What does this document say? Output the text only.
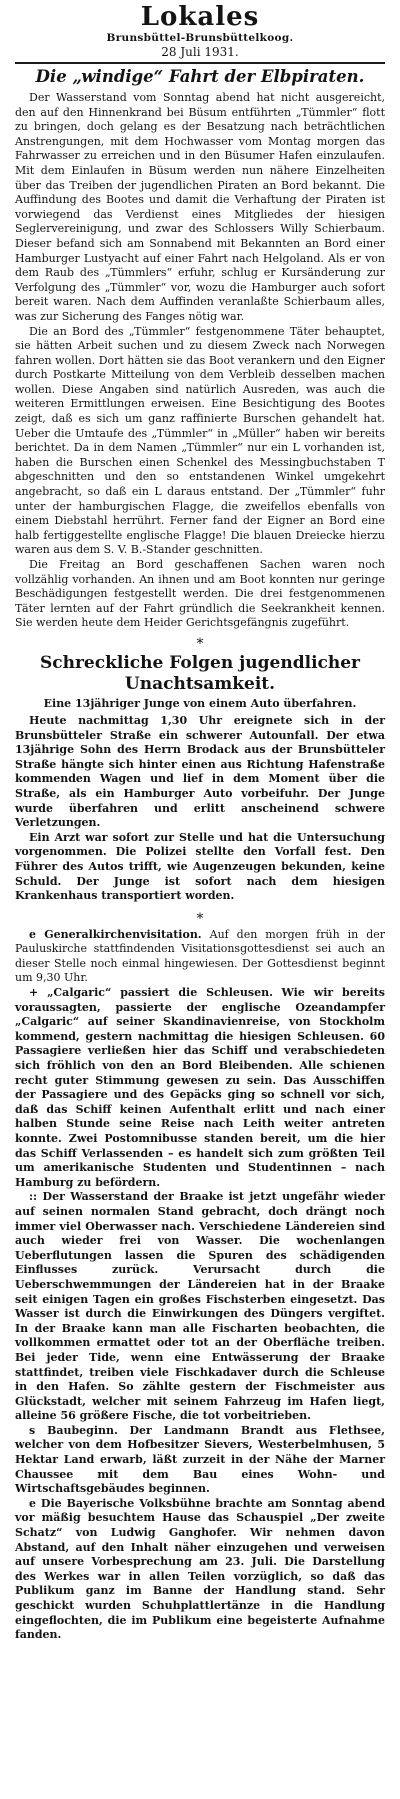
Lokales
Brunsbüttel-Brunsbüttelkoog.
28 Juli 1931.
Die „windige“ Fahrt der Elbpiraten.

Der Wasserstand vom Sonntag abend hat nicht ausgereicht, den auf den Hinnenkrand bei Büsum entführten „Tümmler“ flott zu bringen, doch gelang es der Besatzung nach beträchtlichen Anstrengungen, mit dem Hochwasser vom Montag morgen das Fahrwasser zu erreichen und in den Büsumer Hafen einzulaufen. Mit dem Einlaufen in Büsum werden nun nähere Einzelheiten über das Treiben der jugendlichen Piraten an Bord bekannt. Die Auffindung des Bootes und damit die Verhaftung der Piraten ist vorwiegend das Verdienst eines Mitgliedes der hiesigen Seglervereinigung, und zwar des Schlossers Willy Schierbaum. Dieser befand sich am Sonnabend mit Bekannten an Bord einer Hamburger Lustyacht auf einer Fahrt nach Helgoland. Als er von dem Raub des „Tümmlers“ erfuhr, schlug er Kursänderung zur Verfolgung des „Tümmler“ vor, wozu die Hamburger auch sofort bereit waren. Nach dem Auffinden veranlaßte Schierbaum alles, was zur Sicherung des Fanges nötig war.

Die an Bord des „Tümmler“ festgenommene Täter behauptet, sie hätten Arbeit suchen und zu diesem Zweck nach Norwegen fahren wollen. Dort hätten sie das Boot verankern und den Eigner durch Postkarte Mitteilung von dem Verbleib desselben machen wollen. Diese Angaben sind natürlich Ausreden, was auch die weiteren Ermittlungen erweisen. Eine Besichtigung des Bootes zeigt, daß es sich um ganz raffinierte Burschen gehandelt hat. Ueber die Umtaufe des „Tümmler“ in „Müller“ haben wir bereits berichtet. Da in dem Namen „Tümmler“ nur ein L vorhanden ist, haben die Burschen einen Schenkel des Messingbuchstaben T abgeschnitten und den so entstandenen Winkel umgekehrt angebracht, so daß ein L daraus entstand. Der „Tümmler“ fuhr unter der hamburgischen Flagge, die zweifellos ebenfalls von einem Diebstahl herrührt. Ferner fand der Eigner an Bord eine halb fertiggestellte englische Flagge! Die blauen Dreiecke hierzu waren aus dem S. V. B.-Stander geschnitten.

Die Freitag an Bord geschaffenen Sachen waren noch vollzählig vorhanden. An ihnen und am Boot konnten nur geringe Beschädigungen festgestellt werden. Die drei festgenommenen Täter lernten auf der Fahrt gründlich die Seekrankheit kennen. Sie werden heute dem Heider Gerichtsgefängnis zugeführt.

*
Schreckliche Folgen jugendlicher Unachtsamkeit.
Eine 13jähriger Junge von einem Auto überfahren.

Heute nachmittag 1,30 Uhr ereignete sich in der Brunsbütteler Straße ein schwerer Autounfall. Der etwa 13jährige Sohn des Herrn Brodack aus der Brunsbütteler Straße hängte sich hinter einen aus Richtung Hafenstraße kommenden Wagen und lief in dem Moment über die Straße, als ein Hamburger Auto vorbeifuhr. Der Junge wurde überfahren und erlitt anscheinend schwere Verletzungen.

Ein Arzt war sofort zur Stelle und hat die Untersuchung vorgenommen. Die Polizei stellte den Vorfall fest. Den Führer des Autos trifft, wie Augenzeugen bekunden, keine Schuld. Der Junge ist sofort nach dem hiesigen Krankenhaus transportiert worden.

*

e Generalkirchenvisitation. Auf den morgen früh in der Pauluskirche stattfindenden Visitationsgottesdienst sei auch an dieser Stelle noch einmal hingewiesen. Der Gottesdienst beginnt um 9,30 Uhr.

+ „Calgaric“ passiert die Schleusen. Wie wir bereits voraussagten, passierte der englische Ozeandampfer „Calgaric“ auf seiner Skandinavienreise, von Stockholm kommend, gestern nachmittag die hiesigen Schleusen. 60 Passagiere verließen hier das Schiff und verabschiedeten sich fröhlich von den an Bord Bleibenden. Alle schienen recht guter Stimmung gewesen zu sein. Das Ausschiffen der Passagiere und des Gepäcks ging so schnell vor sich, daß das Schiff keinen Aufenthalt erlitt und nach einer halben Stunde seine Reise nach Leith weiter antreten konnte. Zwei Postomnibusse standen bereit, um die hier das Schiff Verlassenden – es handelt sich zum größten Teil um amerikanische Studenten und Studentinnen – nach Hamburg zu befördern.

:: Der Wasserstand der Braake ist jetzt ungefähr wieder auf seinen normalen Stand gebracht, doch drängt noch immer viel Oberwasser nach. Verschiedene Ländereien sind auch wieder frei von Wasser. Die wochenlangen Ueberflutungen lassen die Spuren des schädigenden Einflusses zurück. Verursacht durch die Ueberschwemmungen der Ländereien hat in der Braake seit einigen Tagen ein großes Fischsterben eingesetzt. Das Wasser ist durch die Einwirkungen des Düngers vergiftet. In der Braake kann man alle Fischarten beobachten, die vollkommen ermattet oder tot an der Oberfläche treiben. Bei jeder Tide, wenn eine Entwässerung der Braake stattfindet, treiben viele Fischkadaver durch die Schleuse in den Hafen. So zählte gestern der Fischmeister aus Glückstadt, welcher mit seinem Fahrzeug im Hafen liegt, alleine 56 größere Fische, die tot vorbeitrieben.

s Baubeginn. Der Landmann Brandt aus Flethsee, welcher von dem Hofbesitzer Sievers, Westerbelmhusen, 5 Hektar Land erwarb, läßt zurzeit in der Nähe der Marner Chaussee mit dem Bau eines Wohn- und Wirtschaftsgebäudes beginnen.

e Die Bayerische Volksbühne brachte am Sonntag abend vor mäßig besuchtem Hause das Schauspiel „Der zweite Schatz“ von Ludwig Ganghofer. Wir nehmen davon Abstand, auf den Inhalt näher einzugehen und verweisen auf unsere Vorbesprechung am 23. Juli. Die Darstellung des Werkes war in allen Teilen vorzüglich, so daß das Publikum ganz im Banne der Handlung stand. Sehr geschickt wurden Schuhplattlertänze in die Handlung eingeflochten, die im Publikum eine begeisterte Aufnahme fanden.
